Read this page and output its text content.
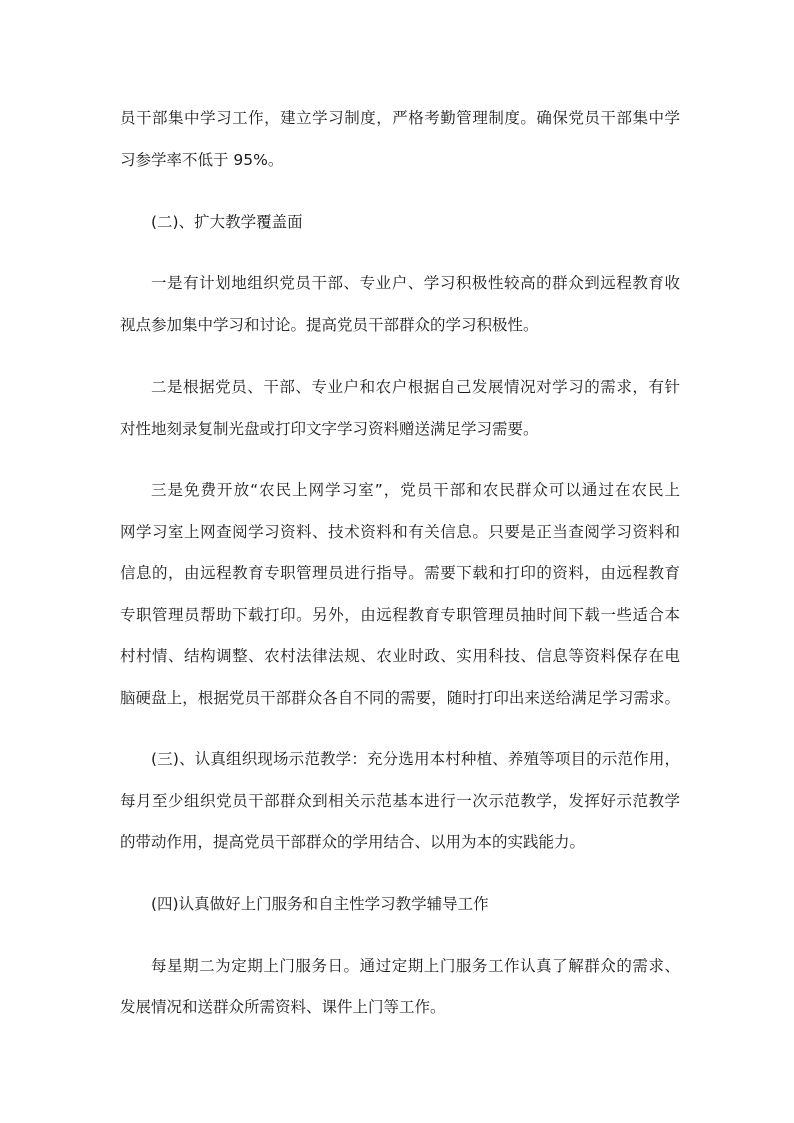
员干部集中学习工作，建立学习制度，严格考勤管理制度。确保党员干部集中学

习参学率不低于 95%。

(二)、扩大教学覆盖面

一是有计划地组织党员干部、专业户、学习积极性较高的群众到远程教育收

视点参加集中学习和讨论。提高党员干部群众的学习积极性。

二是根据党员、干部、专业户和农户根据自己发展情况对学习的需求，有针

对性地刻录复制光盘或打印文字学习资料赠送满足学习需要。

三是免费开放“农民上网学习室”，党员干部和农民群众可以通过在农民上

网学习室上网查阅学习资料、技术资料和有关信息。只要是正当查阅学习资料和

信息的，由远程教育专职管理员进行指导。需要下载和打印的资料，由远程教育

专职管理员帮助下载打印。另外，由远程教育专职管理员抽时间下载一些适合本

村村情、结构调整、农村法律法规、农业时政、实用科技、信息等资料保存在电

脑硬盘上，根据党员干部群众各自不同的需要，随时打印出来送给满足学习需求。

(三)、认真组织现场示范教学：充分选用本村种植、养殖等项目的示范作用，

每月至少组织党员干部群众到相关示范基本进行一次示范教学，发挥好示范教学

的带动作用，提高党员干部群众的学用结合、以用为本的实践能力。

(四)认真做好上门服务和自主性学习教学辅导工作

每星期二为定期上门服务日。通过定期上门服务工作认真了解群众的需求、

发展情况和送群众所需资料、课件上门等工作。
